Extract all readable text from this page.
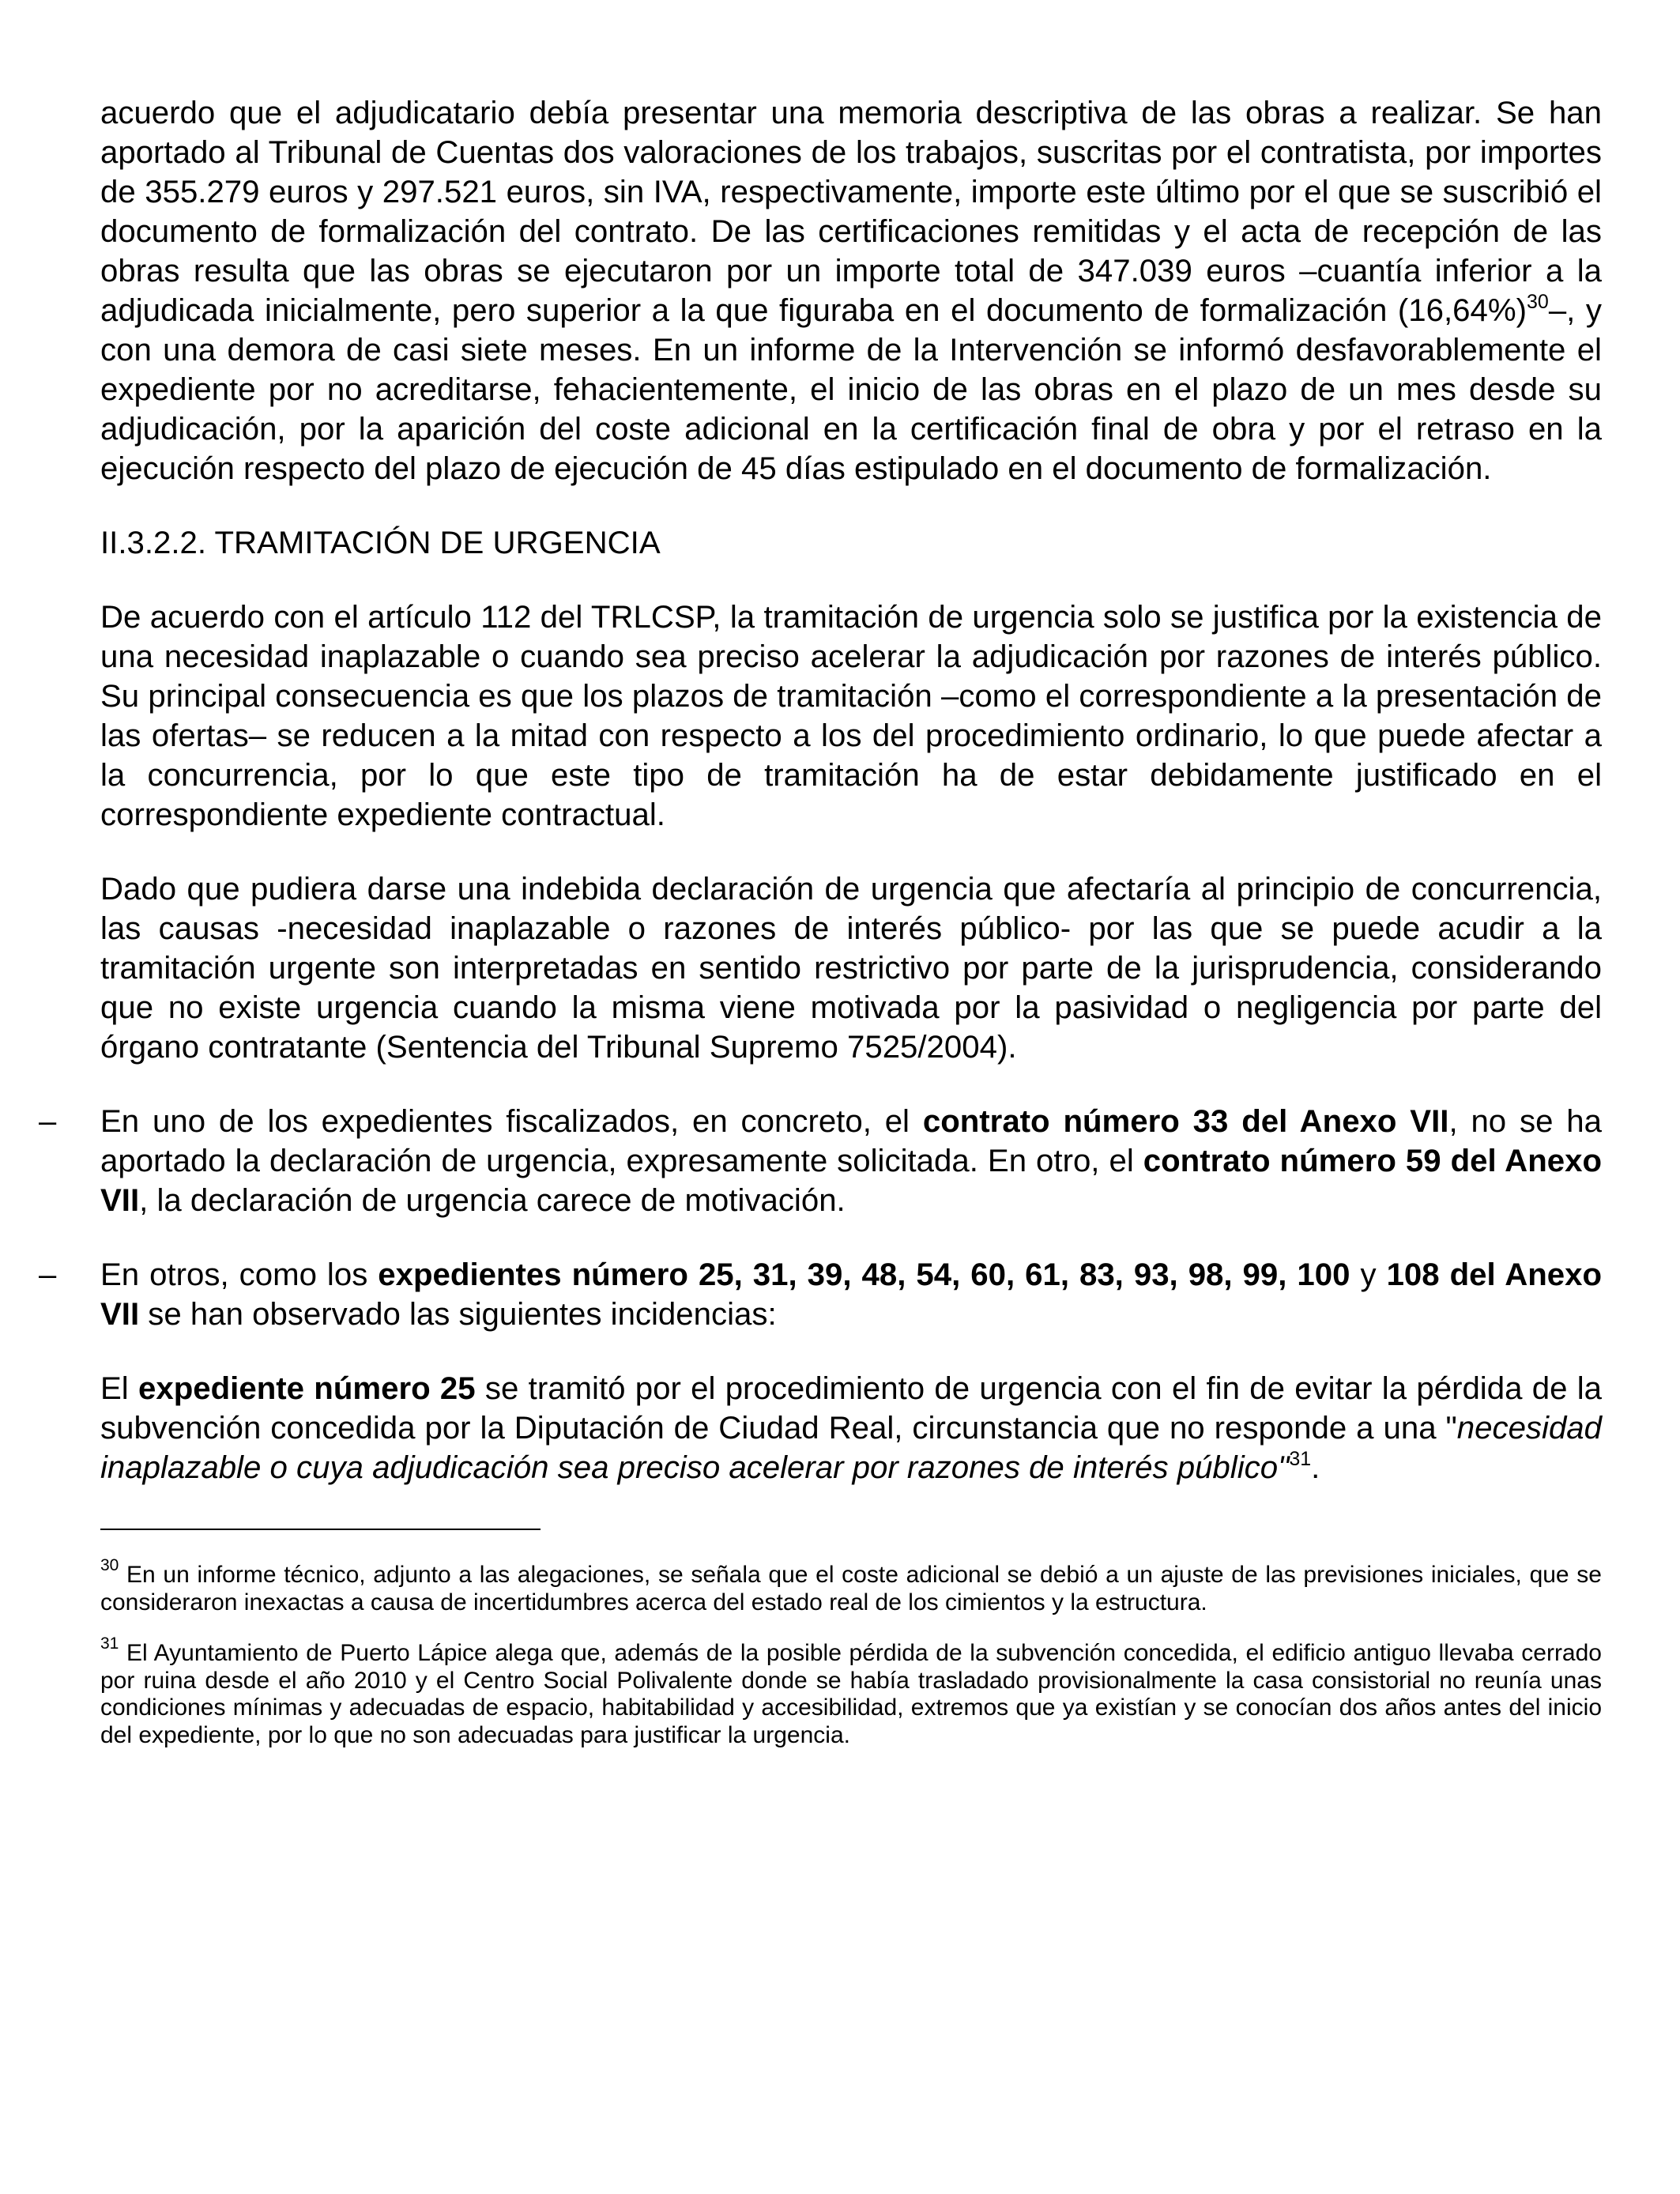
acuerdo que el adjudicatario debía presentar una memoria descriptiva de las obras a realizar. Se han aportado al Tribunal de Cuentas dos valoraciones de los trabajos, suscritas por el contratista, por importes de 355.279 euros y 297.521 euros, sin IVA, respectivamente, importe este último por el que se suscribió el documento de formalización del contrato. De las certificaciones remitidas y el acta de recepción de las obras resulta que las obras se ejecutaron por un importe total de 347.039 euros –cuantía inferior a la adjudicada inicialmente, pero superior a la que figuraba en el documento de formalización $(16,64\%)^{30}-$, y con una demora de casi siete meses. En un informe de la Intervención se informó desfavorablemente el expediente por no acreditarse, fehacientemente, el inicio de las obras en el plazo de un mes desde su adjudicación, por la aparición del coste adicional en la certificación final de obra y por el retraso en la ejecución respecto del plazo de ejecución de 45 días estipulado en el documento de formalización.

II.3.2.2. TRAMITACIÓN DE URGENCIA

De acuerdo con el artículo 112 del TRLCSP, la tramitación de urgencia solo se justifica por la existencia de una necesidad inaplazable o cuando sea preciso acelerar la adjudicación por razones de interés público. Su principal consecuencia es que los plazos de tramitación –como el correspondiente a la presentación de las ofertas– se reducen a la mitad con respecto a los del procedimiento ordinario, lo que puede afectar a la concurrencia, por lo que este tipo de tramitación ha de estar debidamente justificado en el correspondiente expediente contractual.

Dado que pudiera darse una indebida declaración de urgencia que afectaría al principio de concurrencia, las causas -necesidad inaplazable o razones de interés público- por las que se puede acudir a la tramitación urgente son interpretadas en sentido restrictivo por parte de la jurisprudencia, considerando que no existe urgencia cuando la misma viene motivada por la pasividad o negligencia por parte del órgano contratante (Sentencia del Tribunal Supremo 7525/2004).

– En uno de los expedientes fiscalizados, en concreto, el contrato número 33 del Anexo VII, no se ha aportado la declaración de urgencia, expresamente solicitada. En otro, el contrato número 59 del Anexo VII, la declaración de urgencia carece de motivación.

– En otros, como los expedientes número 25, 31, 39, 48, 54, 60, 61, 83, 93, 98, 99, 100 y 108 del Anexo VII se han observado las siguientes incidencias:

El expediente número 25 se tramitó por el procedimiento de urgencia con el fin de evitar la pérdida de la subvención concedida por la Diputación de Ciudad Real, circunstancia que no responde a una "necesidad inaplazable o cuya adjudicación sea preciso acelerar por razones de interés público"$^{31}$.

$^{30}$ En un informe técnico, adjunto a las alegaciones, se señala que el coste adicional se debió a un ajuste de las previsiones iniciales, que se consideraron inexactas a causa de incertidumbres acerca del estado real de los cimientos y la estructura.

$^{31}$ El Ayuntamiento de Puerto Lápice alega que, además de la posible pérdida de la subvención concedida, el edificio antiguo llevaba cerrado por ruina desde el año 2010 y el Centro Social Polivalente donde se había trasladado provisionalmente la casa consistorial no reunía unas condiciones mínimas y adecuadas de espacio, habitabilidad y accesibilidad, extremos que ya existían y se conocían dos años antes del inicio del expediente, por lo que no son adecuadas para justificar la urgencia.
